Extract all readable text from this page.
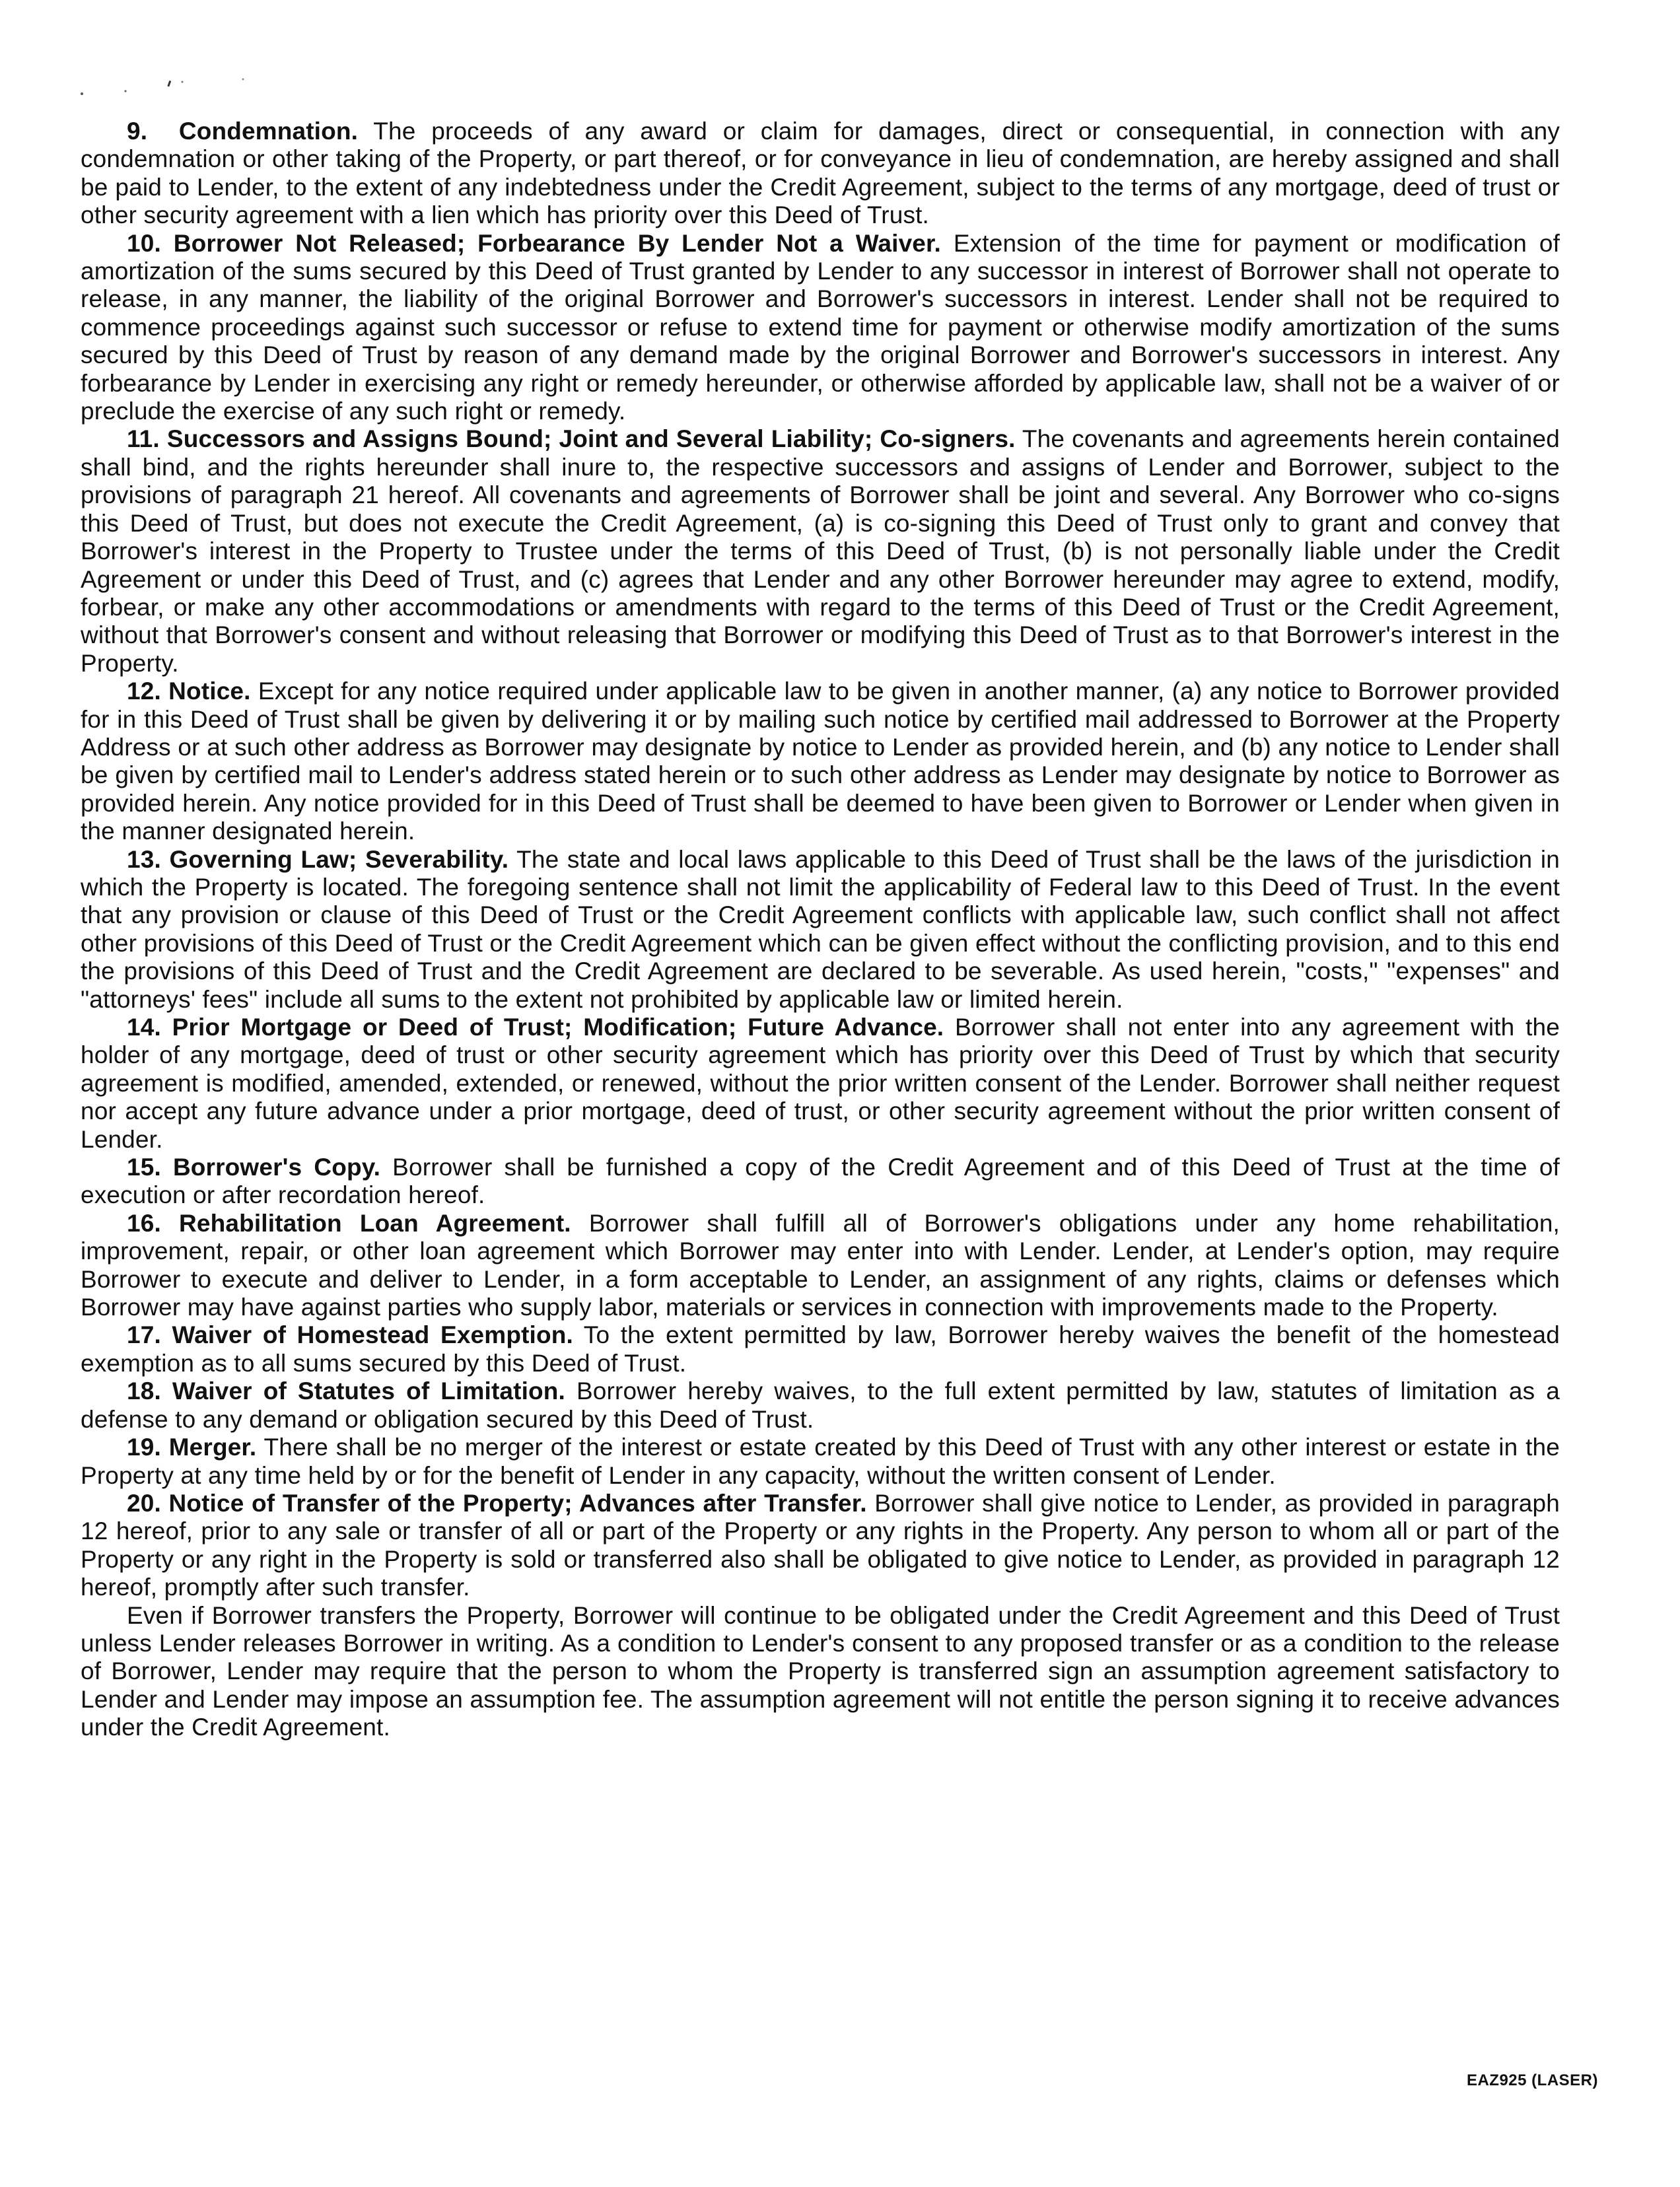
9. Condemnation. The proceeds of any award or claim for damages, direct or consequential, in connection with any condemnation or other taking of the Property, or part thereof, or for conveyance in lieu of condemnation, are hereby assigned and shall be paid to Lender, to the extent of any indebtedness under the Credit Agreement, subject to the terms of any mortgage, deed of trust or other security agreement with a lien which has priority over this Deed of Trust.

10. Borrower Not Released; Forbearance By Lender Not a Waiver. Extension of the time for payment or modification of amortization of the sums secured by this Deed of Trust granted by Lender to any successor in interest of Borrower shall not operate to release, in any manner, the liability of the original Borrower and Borrower's successors in interest. Lender shall not be required to commence proceedings against such successor or refuse to extend time for payment or otherwise modify amortization of the sums secured by this Deed of Trust by reason of any demand made by the original Borrower and Borrower's successors in interest. Any forbearance by Lender in exercising any right or remedy hereunder, or otherwise afforded by applicable law, shall not be a waiver of or preclude the exercise of any such right or remedy.

11. Successors and Assigns Bound; Joint and Several Liability; Co-signers. The covenants and agreements herein contained shall bind, and the rights hereunder shall inure to, the respective successors and assigns of Lender and Borrower, subject to the provisions of paragraph 21 hereof. All covenants and agreements of Borrower shall be joint and several. Any Borrower who co-signs this Deed of Trust, but does not execute the Credit Agreement, (a) is co-signing this Deed of Trust only to grant and convey that Borrower's interest in the Property to Trustee under the terms of this Deed of Trust, (b) is not personally liable under the Credit Agreement or under this Deed of Trust, and (c) agrees that Lender and any other Borrower hereunder may agree to extend, modify, forbear, or make any other accommodations or amendments with regard to the terms of this Deed of Trust or the Credit Agreement, without that Borrower's consent and without releasing that Borrower or modifying this Deed of Trust as to that Borrower's interest in the Property.

12. Notice. Except for any notice required under applicable law to be given in another manner, (a) any notice to Borrower provided for in this Deed of Trust shall be given by delivering it or by mailing such notice by certified mail addressed to Borrower at the Property Address or at such other address as Borrower may designate by notice to Lender as provided herein, and (b) any notice to Lender shall be given by certified mail to Lender's address stated herein or to such other address as Lender may designate by notice to Borrower as provided herein. Any notice provided for in this Deed of Trust shall be deemed to have been given to Borrower or Lender when given in the manner designated herein.

13. Governing Law; Severability. The state and local laws applicable to this Deed of Trust shall be the laws of the jurisdiction in which the Property is located. The foregoing sentence shall not limit the applicability of Federal law to this Deed of Trust. In the event that any provision or clause of this Deed of Trust or the Credit Agreement conflicts with applicable law, such conflict shall not affect other provisions of this Deed of Trust or the Credit Agreement which can be given effect without the conflicting provision, and to this end the provisions of this Deed of Trust and the Credit Agreement are declared to be severable. As used herein, "costs," "expenses" and "attorneys' fees" include all sums to the extent not prohibited by applicable law or limited herein.

14. Prior Mortgage or Deed of Trust; Modification; Future Advance. Borrower shall not enter into any agreement with the holder of any mortgage, deed of trust or other security agreement which has priority over this Deed of Trust by which that security agreement is modified, amended, extended, or renewed, without the prior written consent of the Lender. Borrower shall neither request nor accept any future advance under a prior mortgage, deed of trust, or other security agreement without the prior written consent of Lender.

15. Borrower's Copy. Borrower shall be furnished a copy of the Credit Agreement and of this Deed of Trust at the time of execution or after recordation hereof.

16. Rehabilitation Loan Agreement. Borrower shall fulfill all of Borrower's obligations under any home rehabilitation, improvement, repair, or other loan agreement which Borrower may enter into with Lender. Lender, at Lender's option, may require Borrower to execute and deliver to Lender, in a form acceptable to Lender, an assignment of any rights, claims or defenses which Borrower may have against parties who supply labor, materials or services in connection with improvements made to the Property.

17. Waiver of Homestead Exemption. To the extent permitted by law, Borrower hereby waives the benefit of the homestead exemption as to all sums secured by this Deed of Trust.

18. Waiver of Statutes of Limitation. Borrower hereby waives, to the full extent permitted by law, statutes of limitation as a defense to any demand or obligation secured by this Deed of Trust.

19. Merger. There shall be no merger of the interest or estate created by this Deed of Trust with any other interest or estate in the Property at any time held by or for the benefit of Lender in any capacity, without the written consent of Lender.

20. Notice of Transfer of the Property; Advances after Transfer. Borrower shall give notice to Lender, as provided in paragraph 12 hereof, prior to any sale or transfer of all or part of the Property or any rights in the Property. Any person to whom all or part of the Property or any right in the Property is sold or transferred also shall be obligated to give notice to Lender, as provided in paragraph 12 hereof, promptly after such transfer.

Even if Borrower transfers the Property, Borrower will continue to be obligated under the Credit Agreement and this Deed of Trust unless Lender releases Borrower in writing. As a condition to Lender's consent to any proposed transfer or as a condition to the release of Borrower, Lender may require that the person to whom the Property is transferred sign an assumption agreement satisfactory to Lender and Lender may impose an assumption fee. The assumption agreement will not entitle the person signing it to receive advances under the Credit Agreement.

EAZ925 (LASER)
